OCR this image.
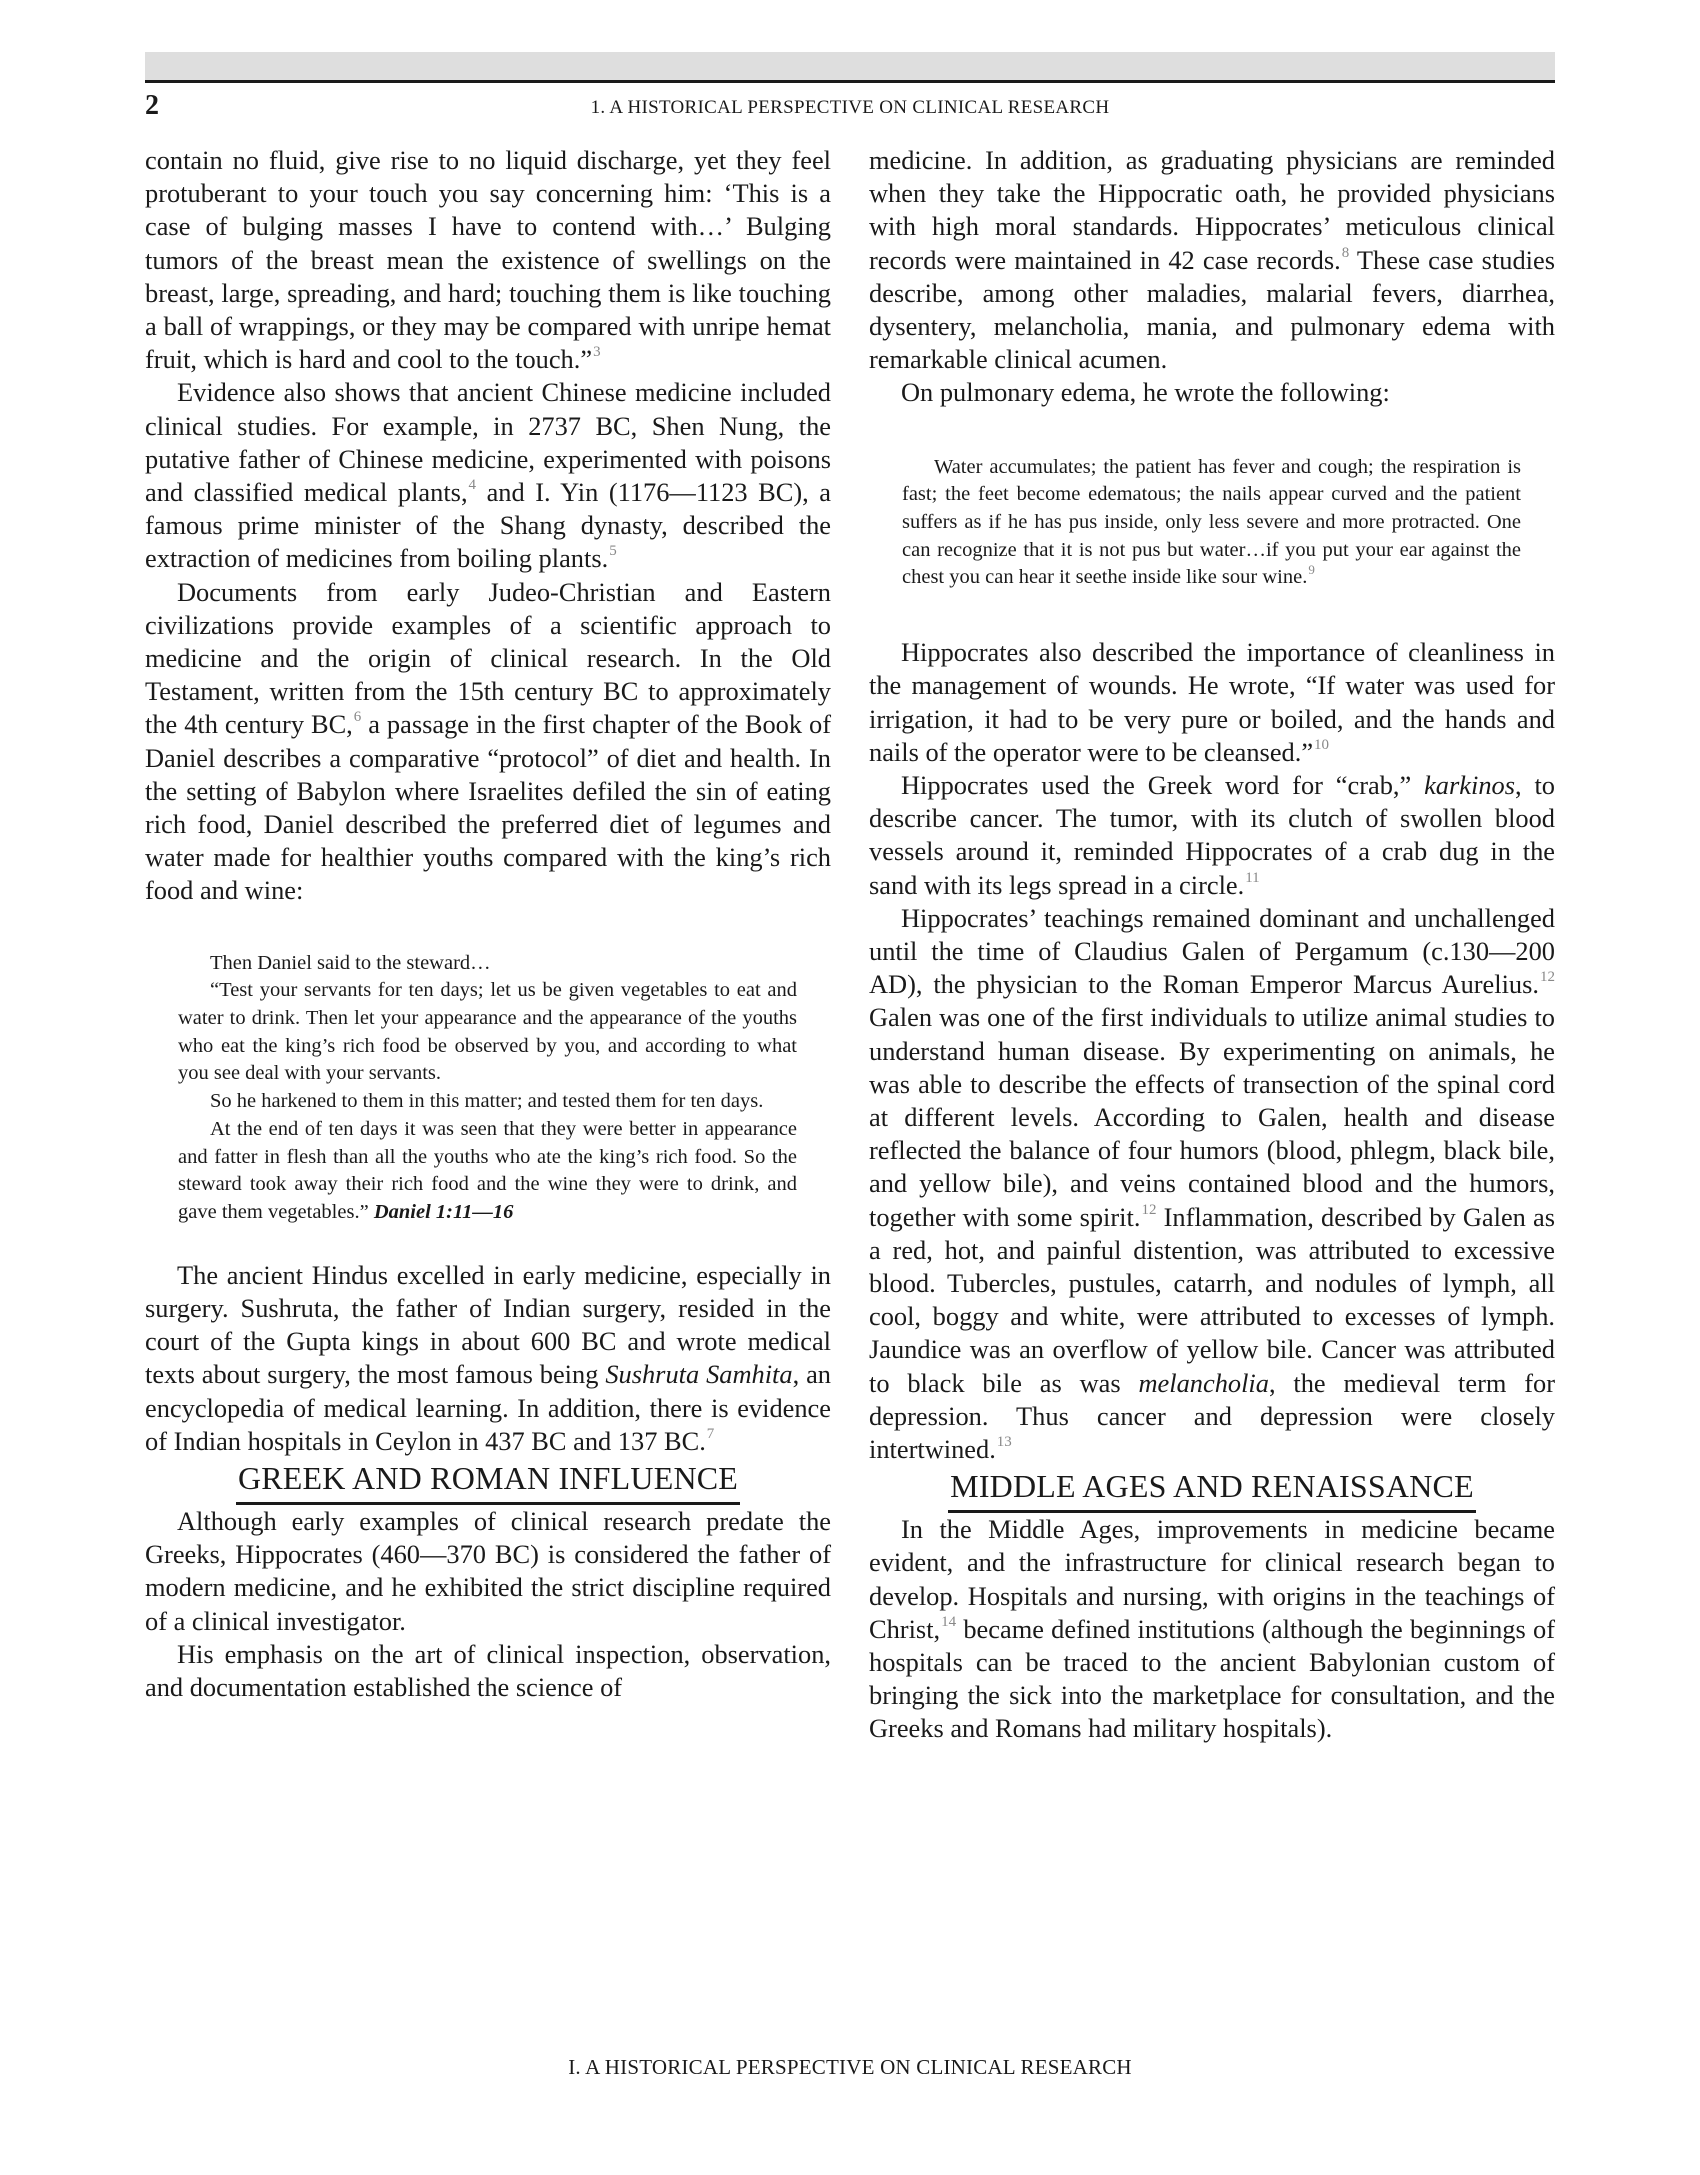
2	1. A HISTORICAL PERSPECTIVE ON CLINICAL RESEARCH

contain no fluid, give rise to no liquid discharge, yet they feel protuberant to your touch you say concerning him: ‘This is a case of bulging masses I have to contend with…’ Bulging tumors of the breast mean the existence of swellings on the breast, large, spreading, and hard; touching them is like touching a ball of wrappings, or they may be compared with unripe hemat fruit, which is hard and cool to the touch.”$^3$

Evidence also shows that ancient Chinese medicine included clinical studies. For example, in 2737 BC, Shen Nung, the putative father of Chinese medicine, experimented with poisons and classified medical plants,$^4$ and I. Yin (1176—1123 BC), a famous prime minister of the Shang dynasty, described the extraction of medicines from boiling plants.$^5$

Documents from early Judeo-Christian and Eastern civilizations provide examples of a scientific approach to medicine and the origin of clinical research. In the Old Testament, written from the 15th century BC to approximately the 4th century BC,$^6$ a passage in the first chapter of the Book of Daniel describes a comparative “protocol” of diet and health. In the setting of Babylon where Israelites defiled the sin of eating rich food, Daniel described the preferred diet of legumes and water made for healthier youths compared with the king’s rich food and wine:

Then Daniel said to the steward…

“Test your servants for ten days; let us be given vegetables to eat and water to drink. Then let your appearance and the appearance of the youths who eat the king’s rich food be observed by you, and according to what you see deal with your servants.

So he harkened to them in this matter; and tested them for ten days.

At the end of ten days it was seen that they were better in appearance and fatter in flesh than all the youths who ate the king’s rich food. So the steward took away their rich food and the wine they were to drink, and gave them vegetables.” Daniel 1:11—16

The ancient Hindus excelled in early medicine, especially in surgery. Sushruta, the father of Indian surgery, resided in the court of the Gupta kings in about 600 BC and wrote medical texts about surgery, the most famous being Sushruta Samhita, an encyclopedia of medical learning. In addition, there is evidence of Indian hospitals in Ceylon in 437 BC and 137 BC.$^7$

GREEK AND ROMAN INFLUENCE

Although early examples of clinical research predate the Greeks, Hippocrates (460—370 BC) is considered the father of modern medicine, and he exhibited the strict discipline required of a clinical investigator.

His emphasis on the art of clinical inspection, observation, and documentation established the science of

medicine. In addition, as graduating physicians are reminded when they take the Hippocratic oath, he provided physicians with high moral standards. Hippocrates’ meticulous clinical records were maintained in 42 case records.$^8$ These case studies describe, among other maladies, malarial fevers, diarrhea, dysentery, melancholia, mania, and pulmonary edema with remarkable clinical acumen.

On pulmonary edema, he wrote the following:

Water accumulates; the patient has fever and cough; the respiration is fast; the feet become edematous; the nails appear curved and the patient suffers as if he has pus inside, only less severe and more protracted. One can recognize that it is not pus but water…if you put your ear against the chest you can hear it seethe inside like sour wine.$^9$

Hippocrates also described the importance of cleanliness in the management of wounds. He wrote, “If water was used for irrigation, it had to be very pure or boiled, and the hands and nails of the operator were to be cleansed.”$^{10}$

Hippocrates used the Greek word for “crab,” karkinos, to describe cancer. The tumor, with its clutch of swollen blood vessels around it, reminded Hippocrates of a crab dug in the sand with its legs spread in a circle.$^{11}$

Hippocrates’ teachings remained dominant and unchallenged until the time of Claudius Galen of Pergamum (c.130—200 AD), the physician to the Roman Emperor Marcus Aurelius.$^{12}$ Galen was one of the first individuals to utilize animal studies to understand human disease. By experimenting on animals, he was able to describe the effects of transection of the spinal cord at different levels. According to Galen, health and disease reflected the balance of four humors (blood, phlegm, black bile, and yellow bile), and veins contained blood and the humors, together with some spirit.$^{12}$ Inflammation, described by Galen as a red, hot, and painful distention, was attributed to excessive blood. Tubercles, pustules, catarrh, and nodules of lymph, all cool, boggy and white, were attributed to excesses of lymph. Jaundice was an overflow of yellow bile. Cancer was attributed to black bile as was melancholia, the medieval term for depression. Thus cancer and depression were closely intertwined.$^{13}$

MIDDLE AGES AND RENAISSANCE

In the Middle Ages, improvements in medicine became evident, and the infrastructure for clinical research began to develop. Hospitals and nursing, with origins in the teachings of Christ,$^{14}$ became defined institutions (although the beginnings of hospitals can be traced to the ancient Babylonian custom of bringing the sick into the marketplace for consultation, and the Greeks and Romans had military hospitals).

I. A HISTORICAL PERSPECTIVE ON CLINICAL RESEARCH
